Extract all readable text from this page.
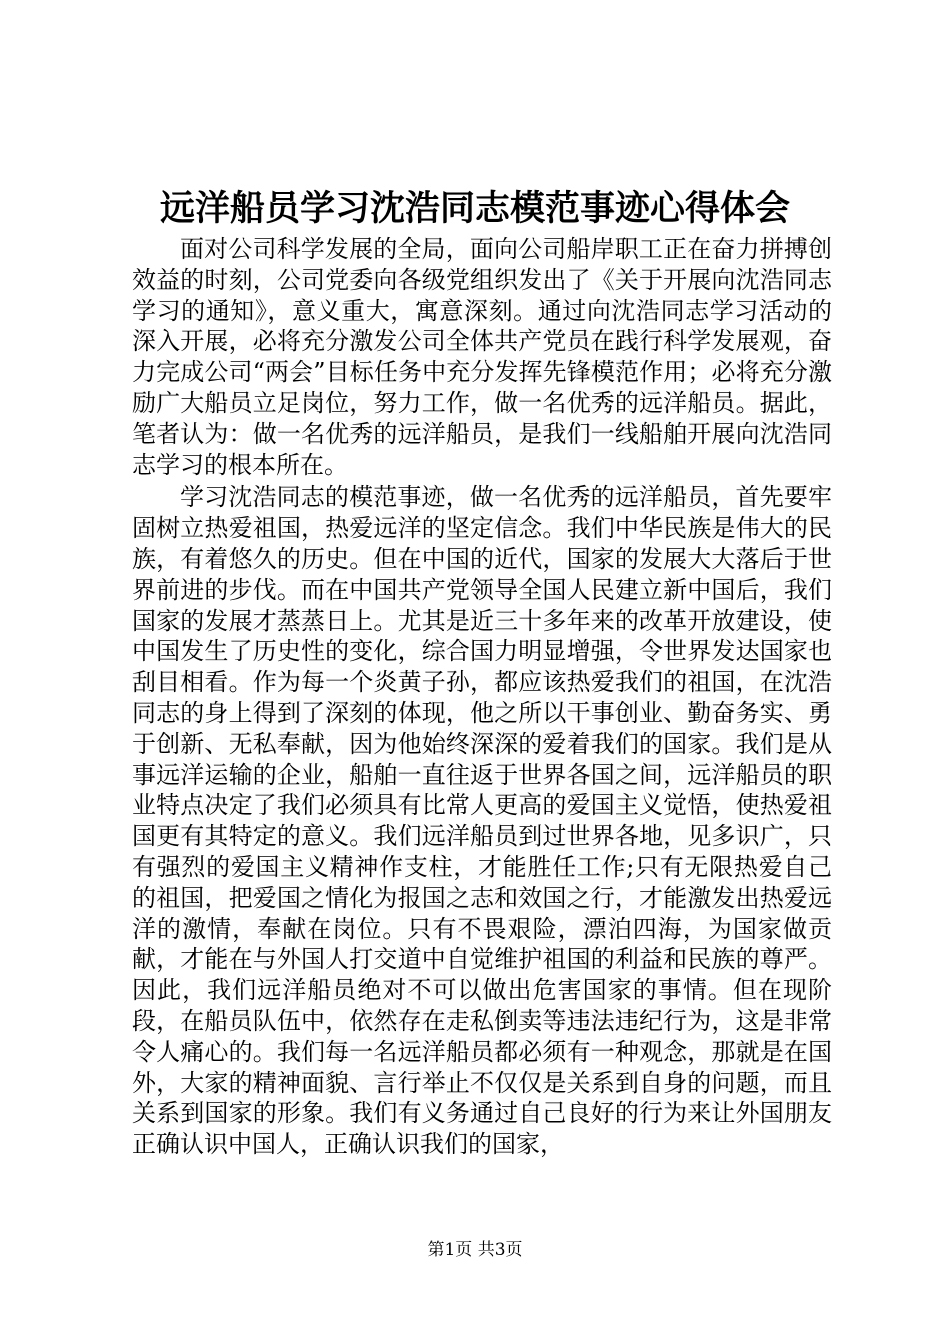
远洋船员学习沈浩同志模范事迹心得体会

面对公司科学发展的全局，面向公司船岸职工正在奋力拼搏创效益的时刻，公司党委向各级党组织发出了《关于开展向沈浩同志学习的通知》，意义重大，寓意深刻。通过向沈浩同志学习活动的深入开展，必将充分激发公司全体共产党员在践行科学发展观，奋力完成公司“两会”目标任务中充分发挥先锋模范作用；必将充分激励广大船员立足岗位，努力工作，做一名优秀的远洋船员。据此，笔者认为：做一名优秀的远洋船员，是我们一线船舶开展向沈浩同志学习的根本所在。

学习沈浩同志的模范事迹，做一名优秀的远洋船员，首先要牢固树立热爱祖国，热爱远洋的坚定信念。我们中华民族是伟大的民族，有着悠久的历史。但在中国的近代，国家的发展大大落后于世界前进的步伐。而在中国共产党领导全国人民建立新中国后，我们国家的发展才蒸蒸日上。尤其是近三十多年来的改革开放建设，使中国发生了历史性的变化，综合国力明显增强，令世界发达国家也刮目相看。作为每一个炎黄子孙，都应该热爱我们的祖国，在沈浩同志的身上得到了深刻的体现，他之所以干事创业、勤奋务实、勇于创新、无私奉献，因为他始终深深的爱着我们的国家。我们是从事远洋运输的企业，船舶一直往返于世界各国之间，远洋船员的职业特点决定了我们必须具有比常人更高的爱国主义觉悟，使热爱祖国更有其特定的意义。我们远洋船员到过世界各地，见多识广，只有强烈的爱国主义精神作支柱，才能胜任工作;只有无限热爱自己的祖国，把爱国之情化为报国之志和效国之行，才能激发出热爱远洋的激情，奉献在岗位。只有不畏艰险，漂泊四海，为国家做贡献，才能在与外国人打交道中自觉维护祖国的利益和民族的尊严。因此，我们远洋船员绝对不可以做出危害国家的事情。但在现阶段，在船员队伍中，依然存在走私倒卖等违法违纪行为，这是非常令人痛心的。我们每一名远洋船员都必须有一种观念，那就是在国外，大家的精神面貌、言行举止不仅仅是关系到自身的问题，而且关系到国家的形象。我们有义务通过自己良好的行为来让外国朋友正确认识中国人，正确认识我们的国家，

第1页 共3页
